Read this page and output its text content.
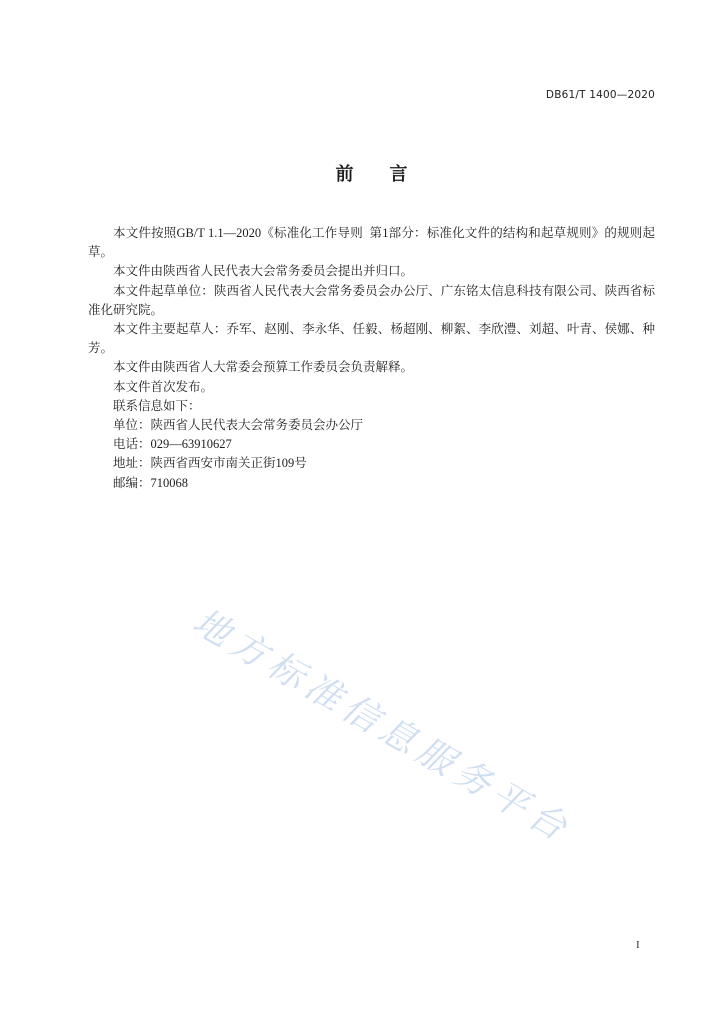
DB61/T 1400—2020
前　　言

本文件按照GB/T 1.1—2020《标准化工作导则  第1部分：标准化文件的结构和起草规则》的规则起草。

本文件由陕西省人民代表大会常务委员会提出并归口。

本文件起草单位：陕西省人民代表大会常务委员会办公厅、广东铭太信息科技有限公司、陕西省标准化研究院。

本文件主要起草人：乔军、赵刚、李永华、任毅、杨超刚、柳絮、李欣澧、刘超、叶青、侯娜、种芳。

本文件由陕西省人大常委会预算工作委员会负责解释。

本文件首次发布。

联系信息如下：

单位：陕西省人民代表大会常务委员会办公厅

电话：029—63910627

地址：陕西省西安市南关正街109号

邮编：710068

地方标准信息服务平台
I
